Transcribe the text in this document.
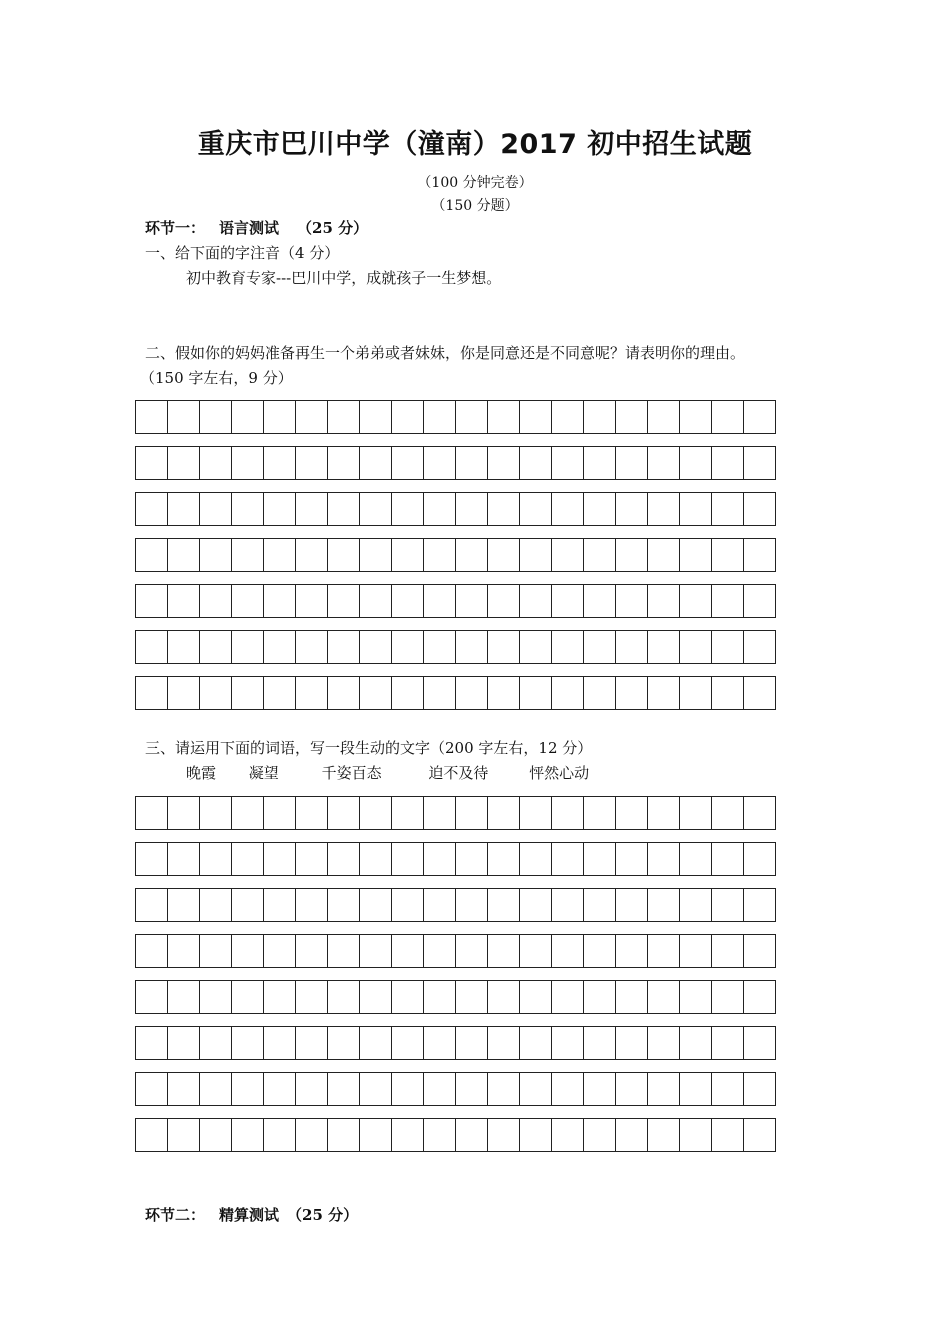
重庆市巴川中学（潼南）2017 初中招生试题
（100 分钟完卷）
（150 分题）
环节一： 语言测试 （25 分）
一、给下面的字注音（4 分）
初中教育专家---巴川中学，成就孩子一生梦想。
二、假如你的妈妈准备再生一个弟弟或者妹妹，你是同意还是不同意呢？请表明你的理由。
（150 字左右，9 分）
三、请运用下面的词语，写一段生动的文字（200 字左右，12 分）
晚霞 凝望	千姿百态	迫不及待	怦然心动
环节二： 精算测试 （25 分）
